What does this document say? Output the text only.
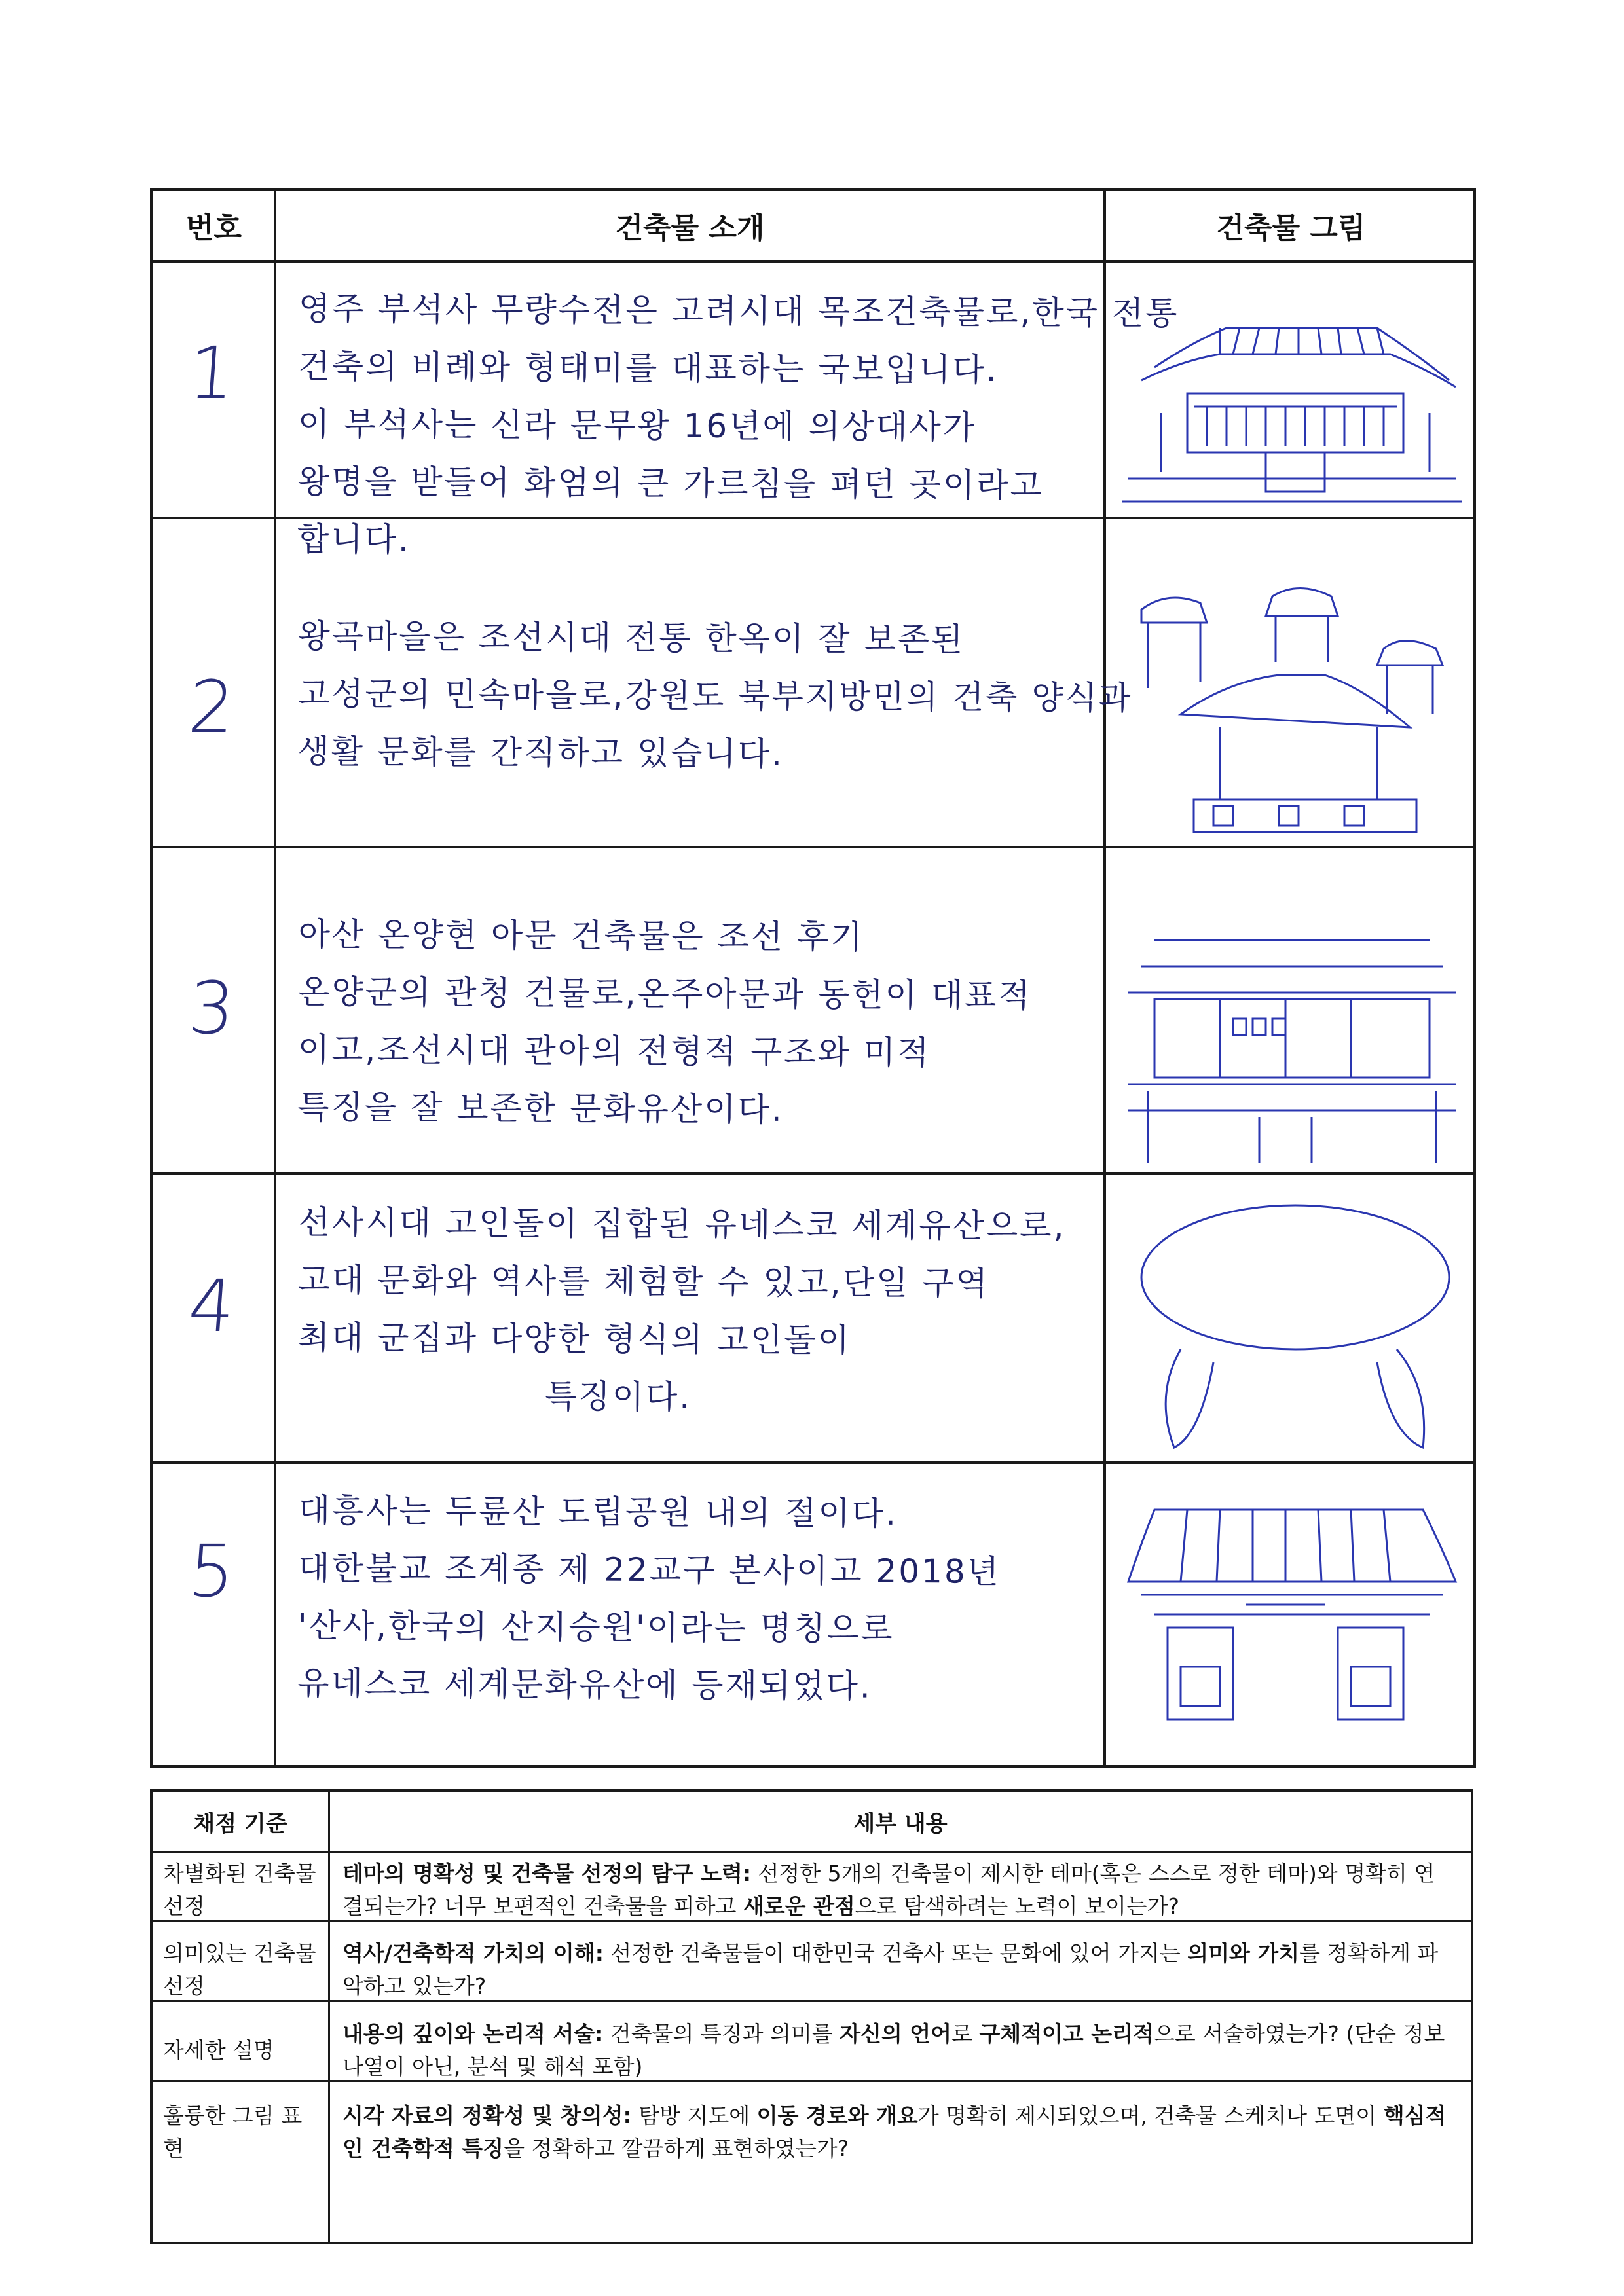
번호	건축물 소개	건축물 그림
1
영주 부석사 무량수전은 고려시대 목조건축물로,한국 전통
건축의 비례와 형태미를 대표하는 국보입니다.
이 부석사는 신라 문무왕 16년에 의상대사가
왕명을 받들어 화엄의 큰 가르침을 펴던 곳이라고
합니다.
2
왕곡마을은 조선시대 전통 한옥이 잘 보존된
고성군의 민속마을로,강원도 북부지방민의 건축 양식과
생활 문화를 간직하고 있습니다.
3
아산 온양현 아문 건축물은 조선 후기
온양군의 관청 건물로,온주아문과 동헌이 대표적
이고,조선시대 관아의 전형적 구조와 미적
특징을 잘 보존한 문화유산이다.
4
선사시대 고인돌이 집합된 유네스코 세계유산으로,
고대 문화와 역사를 체험할 수 있고,단일 구역
최대 군집과 다양한 형식의 고인돌이
특징이다.
5
대흥사는 두륜산 도립공원 내의 절이다.
대한불교 조계종 제 22교구 본사이고 2018년
'산사,한국의 산지승원'이라는 명칭으로
유네스코 세계문화유산에 등재되었다.
채점 기준	세부 내용
차별화된 건축물 선정
테마의 명확성 및 건축물 선정의 탐구 노력: 선정한 5개의 건축물이 제시한 테마(혹은 스스로 정한 테마)와 명확히 연결되는가? 너무 보편적인 건축물을 피하고 새로운 관점으로 탐색하려는 노력이 보이는가?
의미있는 건축물 선정
역사/건축학적 가치의 이해: 선정한 건축물들이 대한민국 건축사 또는 문화에 있어 가지는 의미와 가치를 정확하게 파악하고 있는가?
자세한 설명
내용의 깊이와 논리적 서술: 건축물의 특징과 의미를 자신의 언어로 구체적이고 논리적으로 서술하였는가? (단순 정보 나열이 아닌, 분석 및 해석 포함)
훌륭한 그림 표현
시각 자료의 정확성 및 창의성: 탐방 지도에 이동 경로와 개요가 명확히 제시되었으며, 건축물 스케치나 도면이 핵심적인 건축학적 특징을 정확하고 깔끔하게 표현하였는가?
